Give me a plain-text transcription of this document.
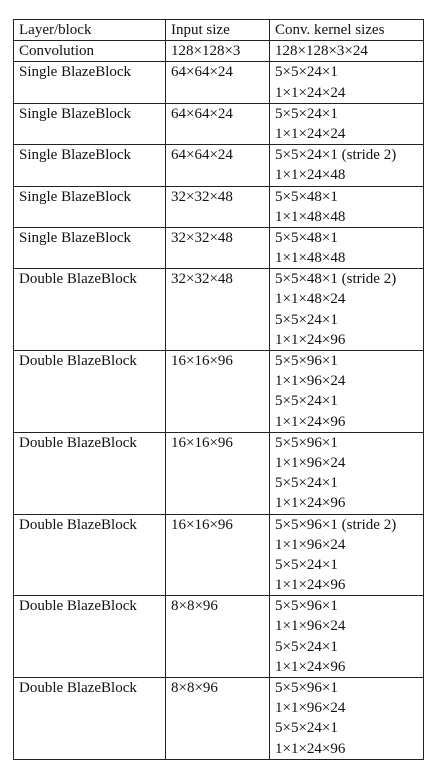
Layer/block	Input size	Conv. kernel sizes
Convolution	128×128×3	128×128×3×24

Single BlazeBlock	64×64×24	5×5×24×1
1×1×24×24

Single BlazeBlock	64×64×24	5×5×24×1
1×1×24×24

Single BlazeBlock	64×64×24	5×5×24×1 (stride 2)
1×1×24×48

Single BlazeBlock	32×32×48	5×5×48×1
1×1×48×48

Single BlazeBlock	32×32×48	5×5×48×1
1×1×48×48

Double BlazeBlock	32×32×48	5×5×48×1 (stride 2)
1×1×48×24
5×5×24×1
1×1×24×96

Double BlazeBlock	16×16×96	5×5×96×1
1×1×96×24
5×5×24×1
1×1×24×96

Double BlazeBlock	16×16×96	5×5×96×1
1×1×96×24
5×5×24×1
1×1×24×96

Double BlazeBlock	16×16×96	5×5×96×1 (stride 2)
1×1×96×24
5×5×24×1
1×1×24×96

Double BlazeBlock	8×8×96	5×5×96×1
1×1×96×24
5×5×24×1
1×1×24×96

Double BlazeBlock	8×8×96	5×5×96×1
1×1×96×24
5×5×24×1
1×1×24×96
